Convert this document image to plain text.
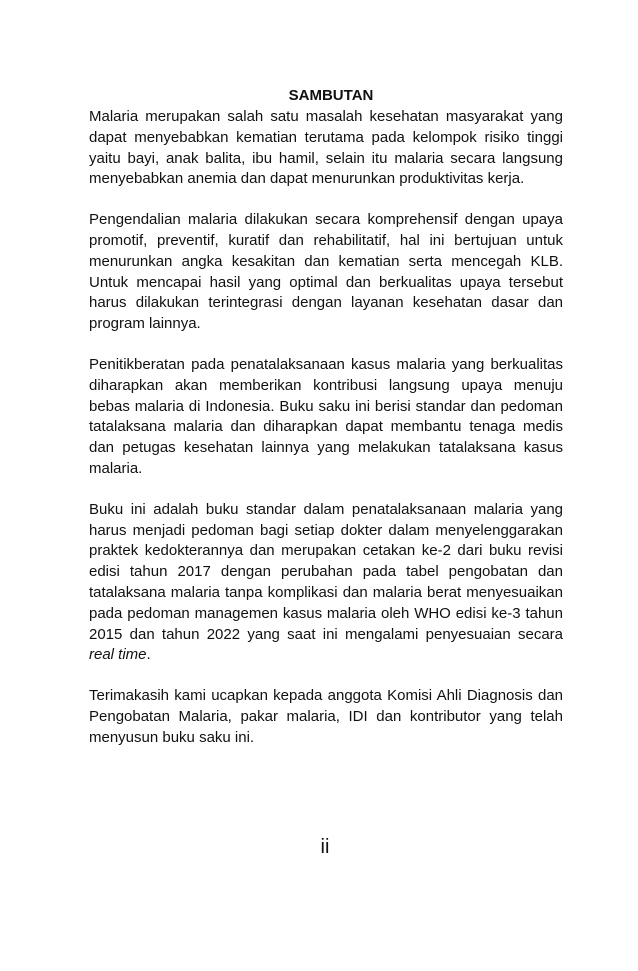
SAMBUTAN

Malaria merupakan salah satu masalah kesehatan masyarakat yang dapat menyebabkan kematian terutama pada kelompok risiko tinggi yaitu bayi, anak balita, ibu hamil, selain itu malaria secara langsung menyebabkan anemia dan dapat menurunkan produktivitas kerja.

Pengendalian malaria dilakukan secara komprehensif dengan upaya promotif, preventif, kuratif dan rehabilitatif, hal ini bertujuan untuk menurunkan angka kesakitan dan kematian serta mencegah KLB. Untuk mencapai hasil yang optimal dan berkualitas upaya tersebut harus dilakukan terintegrasi dengan layanan kesehatan dasar dan program lainnya.

Penitikberatan pada penatalaksanaan kasus malaria yang berkualitas diharapkan akan memberikan kontribusi langsung upaya menuju bebas malaria di Indonesia. Buku saku ini berisi standar dan pedoman tatalaksana malaria dan diharapkan dapat membantu tenaga medis dan petugas kesehatan lainnya yang melakukan tatalaksana kasus malaria.

Buku ini adalah buku standar dalam penatalaksanaan malaria yang harus menjadi pedoman bagi setiap dokter dalam menyelenggarakan praktek kedokterannya dan merupakan cetakan ke-2 dari buku revisi edisi tahun 2017 dengan perubahan pada tabel pengobatan dan tatalaksana malaria tanpa komplikasi dan malaria berat menyesuaikan pada pedoman managemen kasus malaria oleh WHO edisi ke-3 tahun 2015 dan tahun 2022 yang saat ini mengalami penyesuaian secara real time.

Terimakasih kami ucapkan kepada anggota Komisi Ahli Diagnosis dan Pengobatan Malaria, pakar malaria, IDI dan kontributor yang telah menyusun buku saku ini.

ii
